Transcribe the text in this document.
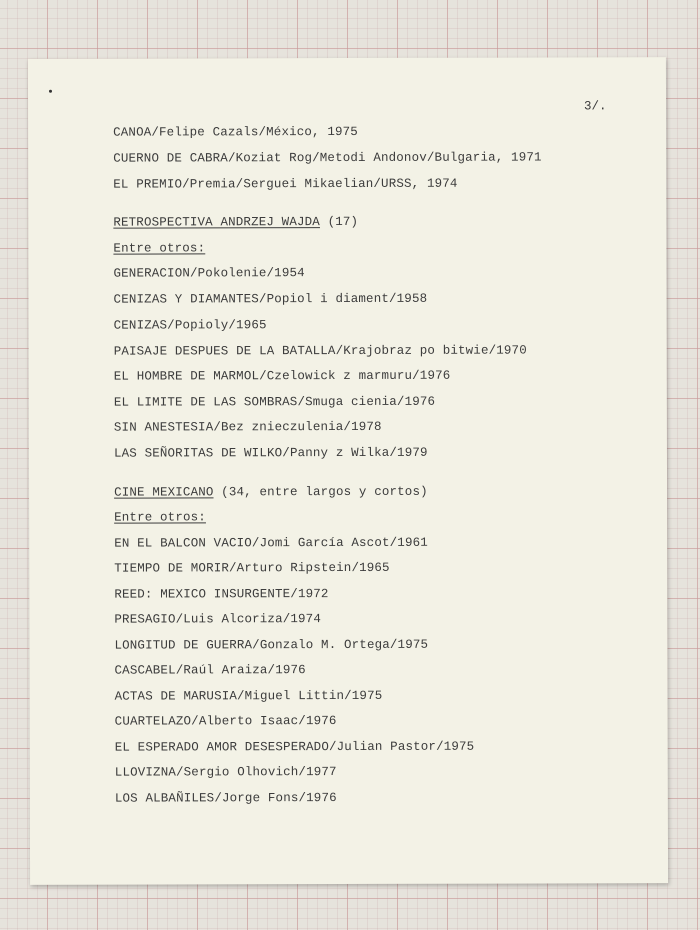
3/.
CANOA/Felipe Cazals/México, 1975
CUERNO DE CABRA/Koziat Rog/Metodi Andonov/Bulgaria, 1971
EL PREMIO/Premia/Serguei Mikaelian/URSS, 1974
RETROSPECTIVA ANDRZEJ WAJDA (17)
Entre otros:
GENERACION/Pokolenie/1954
CENIZAS Y DIAMANTES/Popiol i diament/1958
CENIZAS/Popioly/1965
PAISAJE DESPUES DE LA BATALLA/Krajobraz po bitwie/1970
EL HOMBRE DE MARMOL/Czelowick z marmuru/1976
EL LIMITE DE LAS SOMBRAS/Smuga cienia/1976
SIN ANESTESIA/Bez znieczulenia/1978
LAS SEÑORITAS DE WILKO/Panny z Wilka/1979
CINE MEXICANO (34, entre largos y cortos)
Entre otros:
EN EL BALCON VACIO/Jomi García Ascot/1961
TIEMPO DE MORIR/Arturo Ripstein/1965
REED: MEXICO INSURGENTE/1972
PRESAGIO/Luis Alcoriza/1974
LONGITUD DE GUERRA/Gonzalo M. Ortega/1975
CASCABEL/Raúl Araiza/1976
ACTAS DE MARUSIA/Miguel Littin/1975
CUARTELAZO/Alberto Isaac/1976
EL ESPERADO AMOR DESESPERADO/Julian Pastor/1975
LLOVIZNA/Sergio Olhovich/1977
LOS ALBAÑILES/Jorge Fons/1976
